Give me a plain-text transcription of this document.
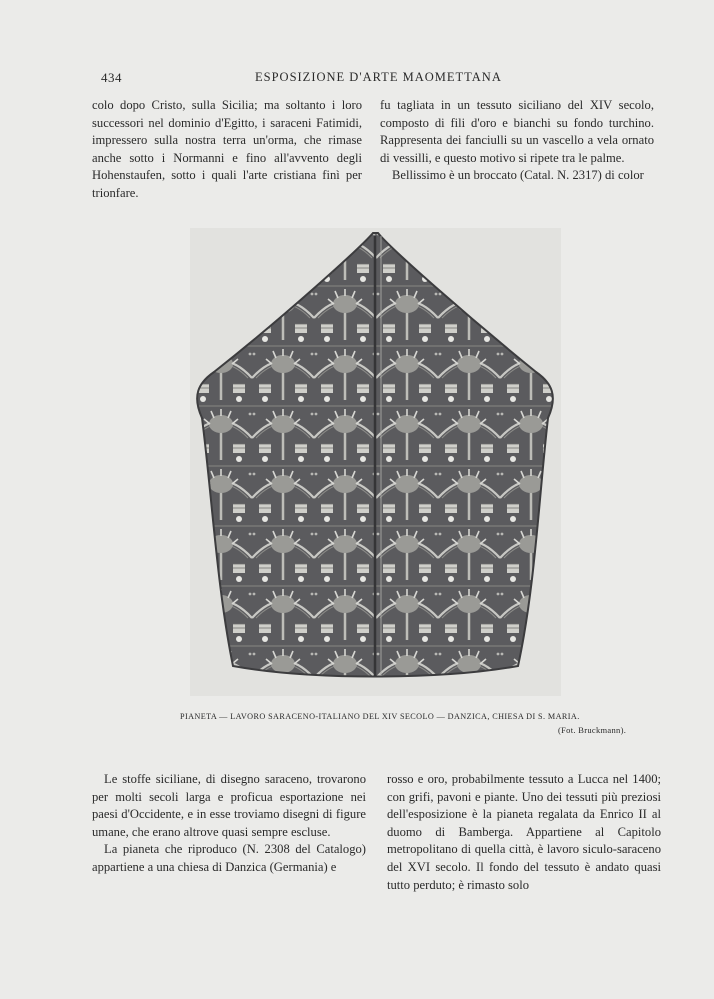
434	ESPOSIZIONE D'ARTE MAOMETTANA

colo dopo Cristo, sulla Sicilia; ma soltanto i loro successori nel dominio d'Egitto, i saraceni Fatimidi, impressero sulla nostra terra un'orma, che rimase anche sotto i Normanni e fino all'avvento degli Hohenstaufen, sotto i quali l'arte cristiana finì per trionfare.

fu tagliata in un tessuto siciliano del XIV secolo, composto di fili d'oro e bianchi su fondo turchino. Rappresenta dei fanciulli su un vascello a vela ornato di vessilli, e questo motivo si ripete tra le palme.

Bellissimo è un broccato (Catal. N. 2317) di color

PIANETA — LAVORO SARACENO-ITALIANO DEL XIV SECOLO — DANZICA, CHIESA DI S. MARIA.
(Fot. Bruckmann).

Le stoffe siciliane, di disegno saraceno, trovarono per molti secoli larga e proficua esportazione nei paesi d'Occidente, e in esse troviamo disegni di figure umane, che erano altrove quasi sempre escluse.

La pianeta che riproduco (N. 2308 del Catalogo) appartiene a una chiesa di Danzica (Germania) e

rosso e oro, probabilmente tessuto a Lucca nel 1400; con grifi, pavoni e piante. Uno dei tessuti più preziosi dell'esposizione è la pianeta regalata da Enrico II al duomo di Bamberga. Appartiene al Capitolo metropolitano di quella città, è lavoro siculo-saraceno del XVI secolo. Il fondo del tessuto è andato quasi tutto perduto; è rimasto solo
